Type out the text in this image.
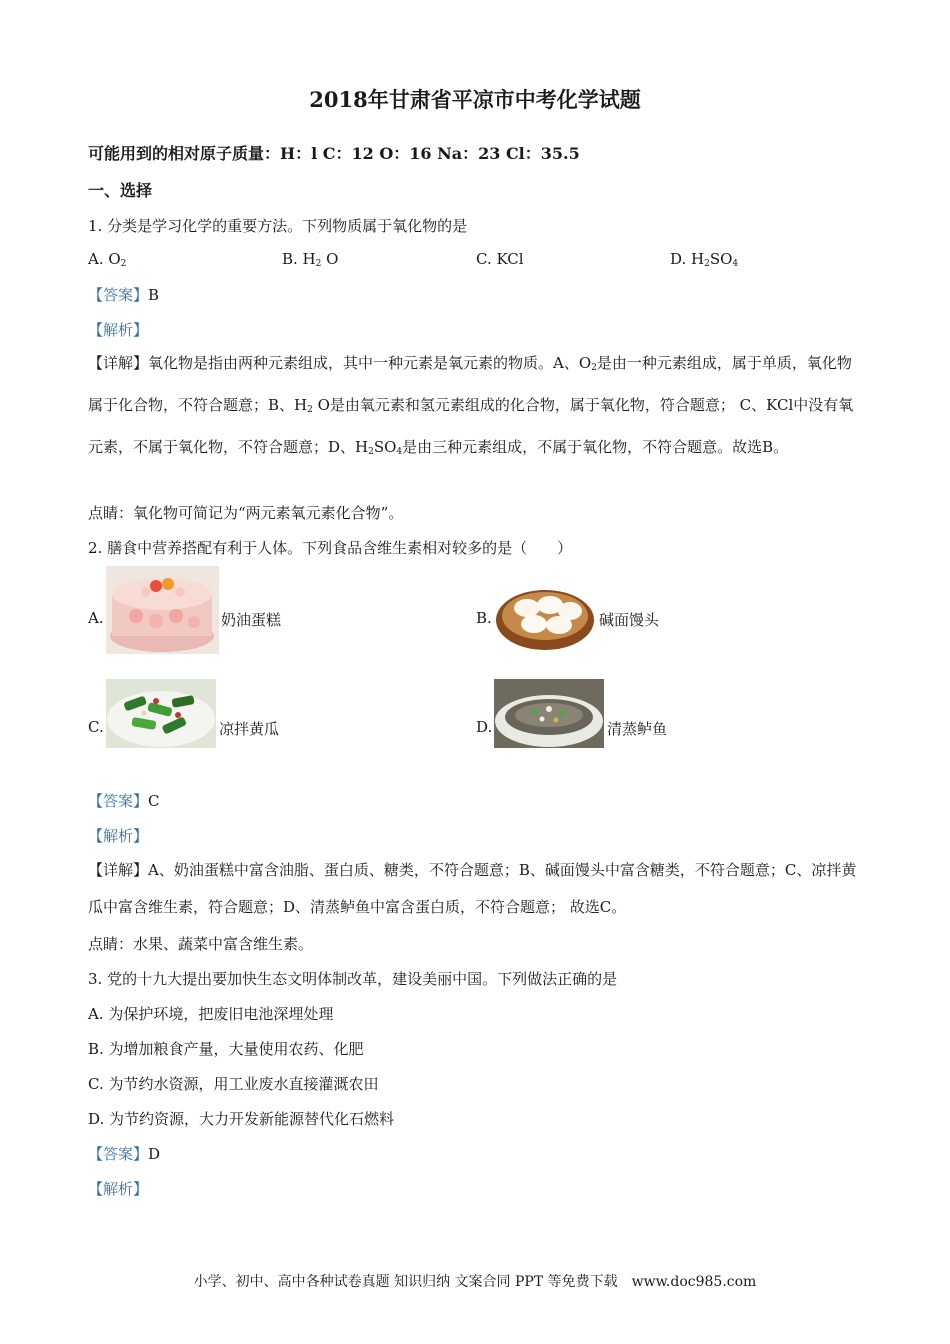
2018年甘肃省平凉市中考化学试题
可能用到的相对原子质量：H：l C：12 O：16 Na：23 Cl：35.5
一、选择
1. 分类是学习化学的重要方法。下列物质属于氧化物的是
A. $O_2$	B. $H_2$ O	C. KCl	D. $H_2SO_4$
【答案】B
【解析】
【详解】氧化物是指由两种元素组成，其中一种元素是氧元素的物质。A、$O_2$是由一种元素组成，属于单质，氧化物属于化合物，不符合题意；B、$H_2$ O是由氧元素和氢元素组成的化合物，属于氧化物，符合题意； C、KCl中没有氧元素，不属于氧化物，不符合题意；D、$H_2SO_4$是由三种元素组成，不属于氧化物，不符合题意。故选B。
点睛：氧化物可简记为“两元素氧元素化合物”。
2. 膳食中营养搭配有利于人体。下列食品含维生素相对较多的是（　　）
A.	奶油蛋糕	B.	碱面馒头
C.	凉拌黄瓜	D.	清蒸鲈鱼
【答案】C
【解析】
【详解】A、奶油蛋糕中富含油脂、蛋白质、糖类，不符合题意；B、碱面馒头中富含糖类，不符合题意；C、凉拌黄瓜中富含维生素，符合题意；D、清蒸鲈鱼中富含蛋白质，不符合题意； 故选C。
点睛：水果、蔬菜中富含维生素。
3. 党的十九大提出要加快生态文明体制改革，建设美丽中国。下列做法正确的是
A. 为保护环境，把废旧电池深埋处理
B. 为增加粮食产量，大量使用农药、化肥
C. 为节约水资源，用工业废水直接灌溉农田
D. 为节约资源，大力开发新能源替代化石燃料
【答案】D
【解析】
小学、初中、高中各种试卷真题 知识归纳 文案合同 PPT 等免费下载　www.doc985.com
